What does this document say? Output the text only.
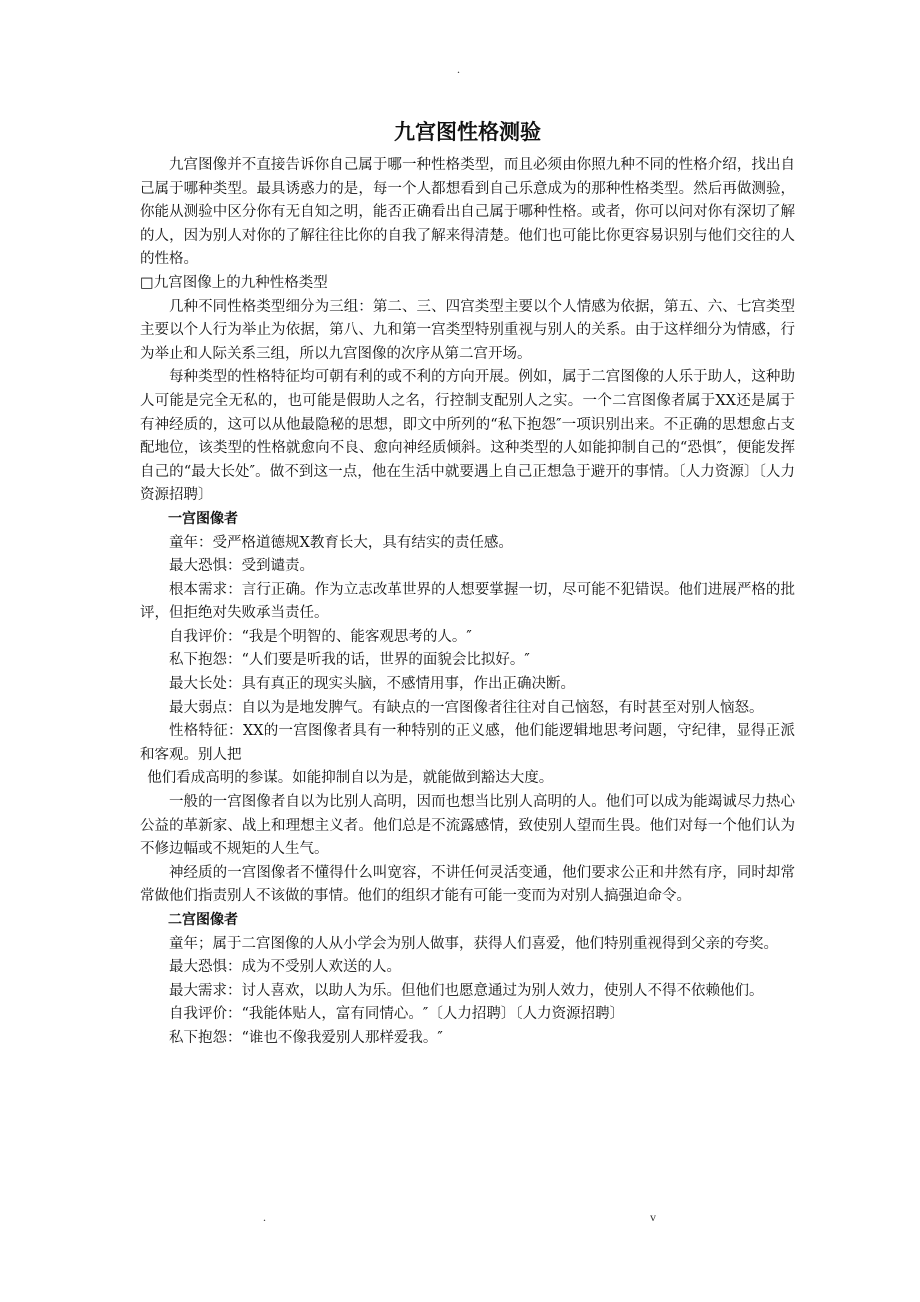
.
九宫图性格测验

九宫图像并不直接告诉你自己属于哪一种性格类型，而且必须由你照九种不同的性格介绍，找出自己属于哪种类型。最具诱惑力的是，每一个人都想看到自己乐意成为的那种性格类型。然后再做测验，你能从测验中区分你有无自知之明，能否正确看出自己属于哪种性格。或者，你可以问对你有深切了解的人，因为别人对你的了解往往比你的自我了解来得清楚。他们也可能比你更容易识别与他们交往的人的性格。

□九宫图像上的九种性格类型

几种不同性格类型细分为三组：第二、三、四宫类型主要以个人情感为依据，第五、六、七宫类型主要以个人行为举止为依据，第八、九和第一宫类型特别重视与别人的关系。由于这样细分为情感，行为举止和人际关系三组，所以九宫图像的次序从第二宫开场。

每种类型的性格特征均可朝有利的或不利的方向开展。例如，属于二宫图像的人乐于助人，这种助人可能是完全无私的，也可能是假助人之名，行控制支配别人之实。一个二宫图像者属于XX还是属于有神经质的，这可以从他最隐秘的思想，即文中所列的“私下抱怨″一项识别出来。不正确的思想愈占支配地位，该类型的性格就愈向不良、愈向神经质倾斜。这种类型的人如能抑制自己的“恐惧″，便能发挥自己的“最大长处″。做不到这一点，他在生活中就要遇上自己正想急于避开的事情。〔人力资源〕〔人力资源招聘〕

一宫图像者

童年：受严格道德规X教育长大，具有结实的责任感。

最大恐惧：受到谴责。

根本需求：言行正确。作为立志改革世界的人想要掌握一切，尽可能不犯错误。他们进展严格的批评，但拒绝对失败承当责任。

自我评价：“我是个明智的、能客观思考的人。″

私下抱怨：“人们要是听我的话，世界的面貌会比拟好。″

最大长处：具有真正的现实头脑，不感情用事，作出正确决断。

最大弱点：自以为是地发脾气。有缺点的一宫图像者往往对自己恼怒，有时甚至对别人恼怒。

性格特征：XX的一宫图像者具有一种特别的正义感，他们能逻辑地思考问题，守纪律，显得正派和客观。别人把

他们看成高明的参谋。如能抑制自以为是，就能做到豁达大度。

一般的一宫图像者自以为比别人高明，因而也想当比别人高明的人。他们可以成为能竭诚尽力热心公益的革新家、战上和理想主义者。他们总是不流露感情，致使别人望而生畏。他们对每一个他们认为不修边幅或不规矩的人生气。

神经质的一宫图像者不懂得什么叫宽容，不讲任何灵活变通，他们要求公正和井然有序，同时却常常做他们指责别人不该做的事情。他们的组织才能有可能一变而为对别人搞强迫命令。

二宫图像者

童年；属于二宫图像的人从小学会为别人做事，获得人们喜爱，他们特别重视得到父亲的夸奖。

最大恐惧：成为不受别人欢送的人。

最大需求：讨人喜欢，以助人为乐。但他们也愿意通过为别人效力，使别人不得不依赖他们。

自我评价：“我能体贴人，富有同情心。″〔人力招聘〕〔人力资源招聘〕

私下抱怨：“谁也不像我爱别人那样爱我。″

.	v
